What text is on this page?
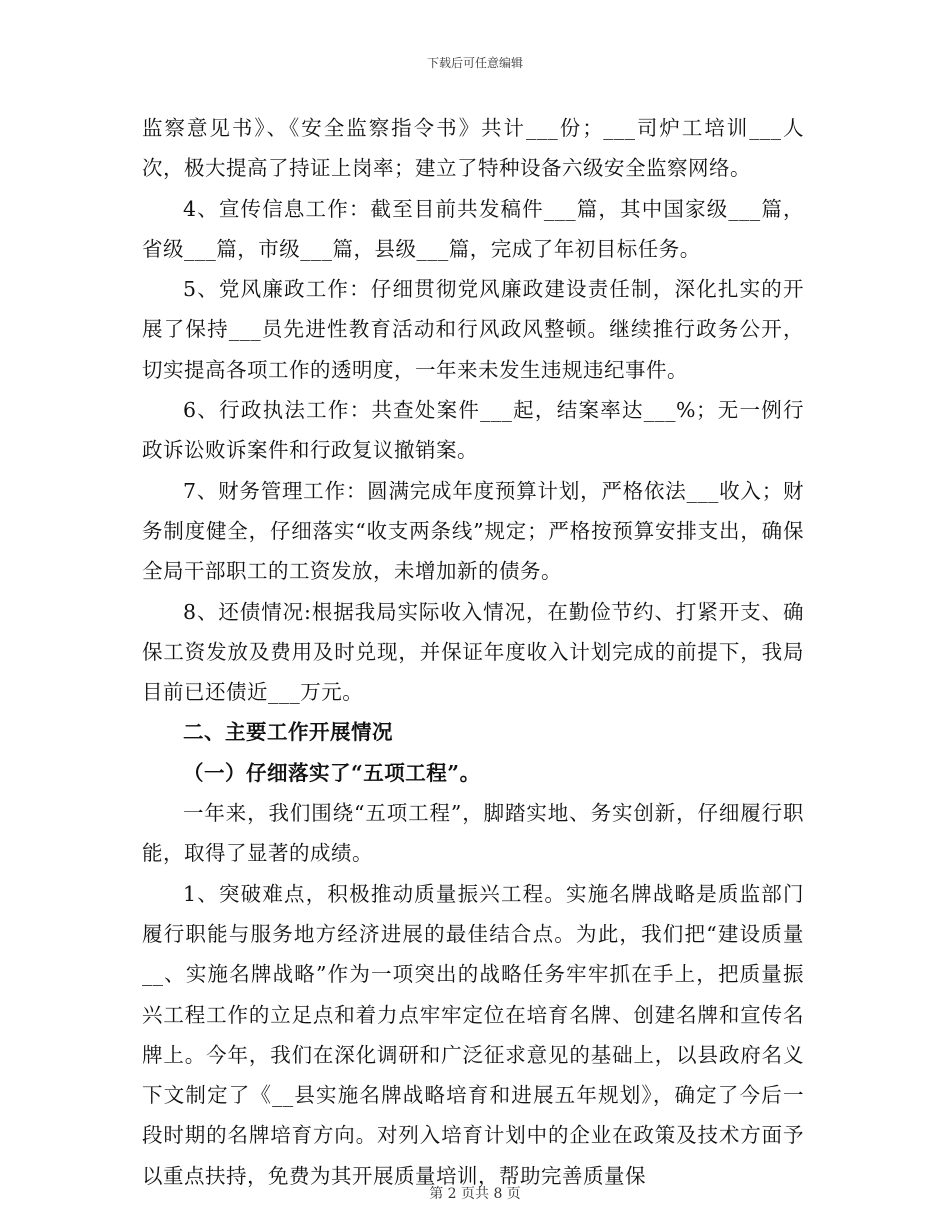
下载后可任意编辑

监察意见书》、《安全监察指令书》共计___份；___司炉工培训___人次，极大提高了持证上岗率；建立了特种设备六级安全监察网络。

4、宣传信息工作：截至目前共发稿件___篇，其中国家级___篇，省级___篇，市级___篇，县级___篇，完成了年初目标任务。

5、党风廉政工作：仔细贯彻党风廉政建设责任制，深化扎实的开展了保持___员先进性教育活动和行风政风整顿。继续推行政务公开，切实提高各项工作的透明度，一年来未发生违规违纪事件。

6、行政执法工作：共查处案件___起，结案率达___%；无一例行政诉讼败诉案件和行政复议撤销案。

7、财务管理工作：圆满完成年度预算计划，严格依法___收入；财务制度健全，仔细落实“收支两条线”规定；严格按预算安排支出，确保全局干部职工的工资发放，未增加新的债务。

8、还债情况:根据我局实际收入情况，在勤俭节约、打紧开支、确保工资发放及费用及时兑现，并保证年度收入计划完成的前提下，我局目前已还债近___万元。

二、主要工作开展情况

（一）仔细落实了“五项工程”。

一年来，我们围绕“五项工程”，脚踏实地、务实创新，仔细履行职能，取得了显著的成绩。

1、突破难点，积极推动质量振兴工程。实施名牌战略是质监部门履行职能与服务地方经济进展的最佳结合点。为此，我们把“建设质量__、实施名牌战略”作为一项突出的战略任务牢牢抓在手上，把质量振兴工程工作的立足点和着力点牢牢定位在培育名牌、创建名牌和宣传名牌上。今年，我们在深化调研和广泛征求意见的基础上，以县政府名义下文制定了《__县实施名牌战略培育和进展五年规划》，确定了今后一段时期的名牌培育方向。对列入培育计划中的企业在政策及技术方面予以重点扶持，免费为其开展质量培训，帮助完善质量保

第 2 页共 8 页
